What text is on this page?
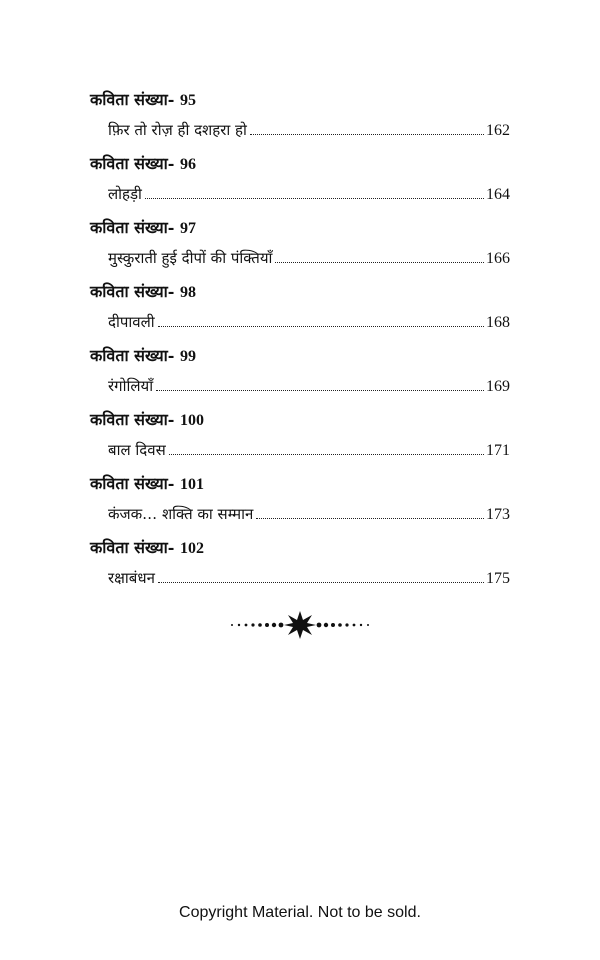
कविता संख्या- 95
फ़िर तो रोज़ ही दशहरा हो	162
कविता संख्या- 96
लोहड़ी	164
कविता संख्या- 97
मुस्कुराती हुई दीपों की पंक्तियाँ	166
कविता संख्या- 98
दीपावली	168
कविता संख्या- 99
रंगोलियाँ	169
कविता संख्या- 100
बाल दिवस	171
कविता संख्या- 101
कंजक… शक्ति का सम्मान	173
कविता संख्या- 102
रक्षाबंधन	175
Copyright Material. Not to be sold.
